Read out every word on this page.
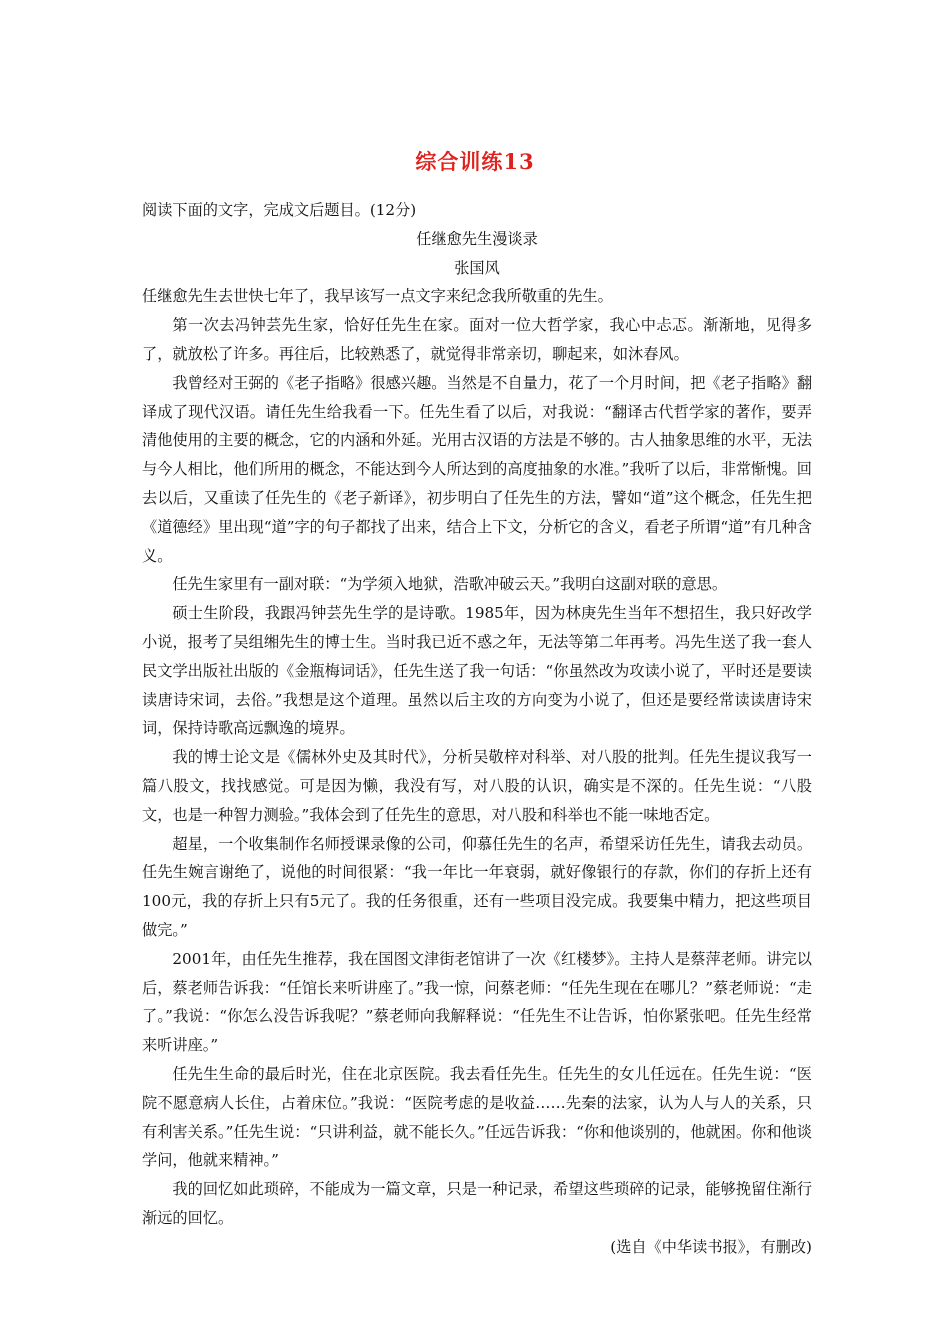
综合训练13

阅读下面的文字，完成文后题目。(12分)

任继愈先生漫谈录

张国风

任继愈先生去世快七年了，我早该写一点文字来纪念我所敬重的先生。

第一次去冯钟芸先生家，恰好任先生在家。面对一位大哲学家，我心中忐忑。渐渐地，见得多了，就放松了许多。再往后，比较熟悉了，就觉得非常亲切，聊起来，如沐春风。

我曾经对王弼的《老子指略》很感兴趣。当然是不自量力，花了一个月时间，把《老子指略》翻译成了现代汉语。请任先生给我看一下。任先生看了以后，对我说：“翻译古代哲学家的著作，要弄清他使用的主要的概念，它的内涵和外延。光用古汉语的方法是不够的。古人抽象思维的水平，无法与今人相比，他们所用的概念，不能达到今人所达到的高度抽象的水准。”我听了以后，非常惭愧。回去以后，又重读了任先生的《老子新译》，初步明白了任先生的方法，譬如“道”这个概念，任先生把《道德经》里出现“道”字的句子都找了出来，结合上下文，分析它的含义，看老子所谓“道”有几种含义。

任先生家里有一副对联：“为学须入地狱，浩歌冲破云天。”我明白这副对联的意思。

硕士生阶段，我跟冯钟芸先生学的是诗歌。1985年，因为林庚先生当年不想招生，我只好改学小说，报考了吴组缃先生的博士生。当时我已近不惑之年，无法等第二年再考。冯先生送了我一套人民文学出版社出版的《金瓶梅词话》，任先生送了我一句话：“你虽然改为攻读小说了，平时还是要读读唐诗宋词，去俗。”我想是这个道理。虽然以后主攻的方向变为小说了，但还是要经常读读唐诗宋词，保持诗歌高远飘逸的境界。

我的博士论文是《儒林外史及其时代》，分析吴敬梓对科举、对八股的批判。任先生提议我写一篇八股文，找找感觉。可是因为懒，我没有写，对八股的认识，确实是不深的。任先生说：“八股文，也是一种智力测验。”我体会到了任先生的意思，对八股和科举也不能一味地否定。

超星，一个收集制作名师授课录像的公司，仰慕任先生的名声，希望采访任先生，请我去动员。任先生婉言谢绝了，说他的时间很紧：“我一年比一年衰弱，就好像银行的存款，你们的存折上还有100元，我的存折上只有5元了。我的任务很重，还有一些项目没完成。我要集中精力，把这些项目做完。”

2001年，由任先生推荐，我在国图文津街老馆讲了一次《红楼梦》。主持人是蔡萍老师。讲完以后，蔡老师告诉我：“任馆长来听讲座了。”我一惊，问蔡老师：“任先生现在在哪儿？”蔡老师说：“走了。”我说：“你怎么没告诉我呢？”蔡老师向我解释说：“任先生不让告诉，怕你紧张吧。任先生经常来听讲座。”

任先生生命的最后时光，住在北京医院。我去看任先生。任先生的女儿任远在。任先生说：“医院不愿意病人长住，占着床位。”我说：“医院考虑的是收益……先秦的法家，认为人与人的关系，只有利害关系。”任先生说：“只讲利益，就不能长久。”任远告诉我：“你和他谈别的，他就困。你和他谈学问，他就来精神。”

我的回忆如此琐碎，不能成为一篇文章，只是一种记录，希望这些琐碎的记录，能够挽留住渐行渐远的回忆。

(选自《中华读书报》，有删改)
